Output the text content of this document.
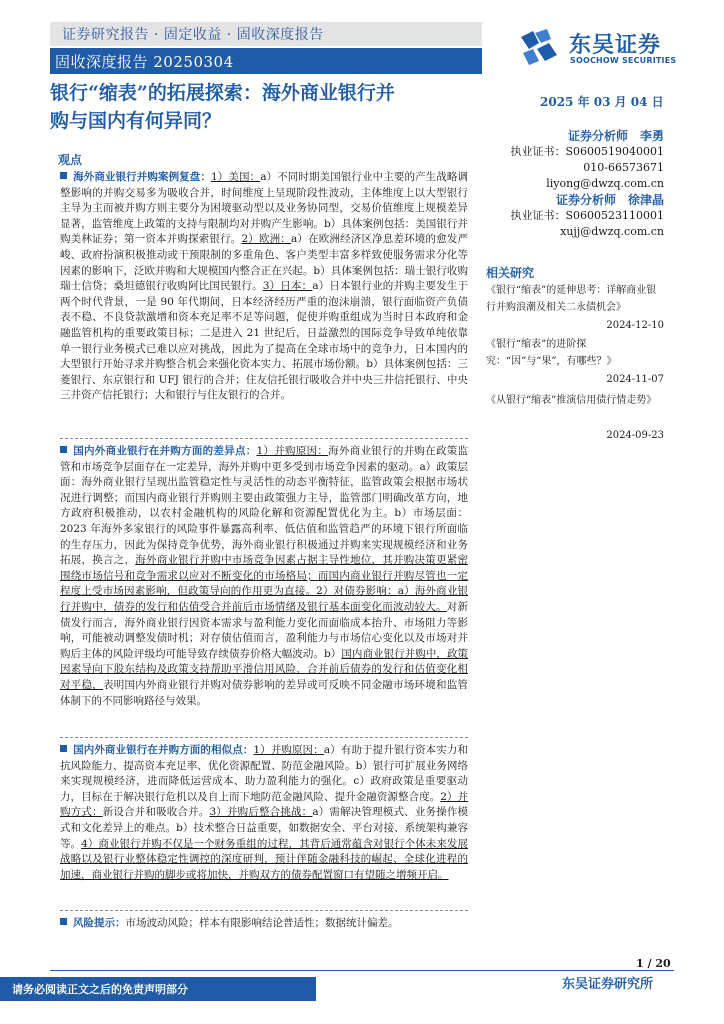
证券研究报告 · 固定收益 · 固收深度报告
固收深度报告 20250304
东吴证券
SOOCHOW SECURITIES
银行“缩表”的拓展探索：海外商业银行并
购与国内有何异同？
2025 年 03 月 04 日
证券分析师　李勇
执业证书：S0600519040001
010-66573671
liyong@dwzq.com.cn
证券分析师　徐津晶
执业证书：S0600523110001
xujj@dwzq.com.cn
相关研究
《银行“缩表”的延伸思考：详解商业银行并购浪潮及相关二永债机会》
2024-12-10
《银行“缩表”的进阶探究：“因”与“果”，有哪些？》
2024-11-07
《从银行“缩表”推演信用债行情走势》
2024-09-23
观点
海外商业银行并购案例复盘：1）美国：a）不同时期美国银行业中主要的产生战略调整影响的并购交易多为吸收合并，时间维度上呈现阶段性波动，主体维度上以大型银行主导为主而被并购方则主要分为困境驱动型以及业务协同型，交易价值维度上规模差异显著，监管维度上政策的支持与限制均对并购产生影响。b）具体案例包括：美国银行并购美林证券；第一资本并购探索银行。2）欧洲：a）在欧洲经济区净息差环境的愈发严峻、政府扮演积极推动或干预限制的多重角色、客户类型丰富多样致使服务需求分化等因素的影响下，泛欧并购和大规模国内整合正在兴起。b）具体案例包括：瑞士银行收购瑞士信贷；桑坦德银行收购阿比国民银行。3）日本：a）日本银行业的并购主要发生于两个时代背景，一是 90 年代期间，日本经济经历严重的泡沫崩溃，银行面临资产负债表不稳、不良贷款激增和资本充足率不足等问题，促使并购重组成为当时日本政府和金融监管机构的重要政策目标；二是进入 21 世纪后，日益激烈的国际竞争导致单纯依靠单一银行业务模式已难以应对挑战，因此为了提高在全球市场中的竞争力，日本国内的大型银行开始寻求并购整合机会来强化资本实力、拓展市场份额。b）具体案例包括：三菱银行、东京银行和 UFJ 银行的合并；住友信托银行吸收合并中央三井信托银行、中央三井资产信托银行；大和银行与住友银行的合并。
国内外商业银行在并购方面的差异点：1）并购原因：海外商业银行的并购在政策监管和市场竞争层面存在一定差异，海外并购中更多受到市场竞争因素的驱动。a）政策层面：海外商业银行呈现出监管稳定性与灵活性的动态平衡特征，监管政策会根据市场状况进行调整；而国内商业银行并购则主要由政策强力主导，监管部门明确改革方向，地方政府积极推动，以农村金融机构的风险化解和资源配置优化为主。b）市场层面：2023 年海外多家银行的风险事件暴露高利率、低估值和监管趋严的环境下银行所面临的生存压力，因此为保持竞争优势，海外商业银行积极通过并购来实现规模经济和业务拓展，换言之，海外商业银行并购中市场竞争因素占据主导性地位，其并购决策更紧密围绕市场信号和竞争需求以应对不断变化的市场格局；而国内商业银行并购尽管也一定程度上受市场因素影响，但政策导向的作用更为直接。2）对债券影响：a）海外商业银行并购中，债券的发行和估值受合并前后市场情绪及银行基本面变化而波动较大。对新债发行而言，海外商业银行因资本需求与盈利能力变化而面临成本抬升、市场阻力等影响，可能被动调整发债时机；对存债估值而言，盈利能力与市场信心变化以及市场对并购后主体的风险评级均可能导致存续债券价格大幅波动。b）国内商业银行并购中，政策因素导向下股东结构及政策支持帮助平滑信用风险，合并前后债券的发行和估值变化相对平稳，表明国内外商业银行并购对债券影响的差异或可反映不同金融市场环境和监管体制下的不同影响路径与效果。
国内外商业银行在并购方面的相似点：1）并购原因：a）有助于提升银行资本实力和抗风险能力、提高资本充足率、优化资源配置、防范金融风险。b）银行可扩展业务网络来实现规模经济，进而降低运营成本、助力盈利能力的强化。c）政府政策是重要驱动力，目标在于解决银行危机以及自上而下地防范金融风险、提升金融资源整合度。2）并购方式：新设合并和吸收合并。3）并购后整合挑战：a）需解决管理模式、业务操作模式和文化差异上的难点。b）技术整合日益重要，如数据安全、平台对接、系统架构兼容等。4）商业银行并购不仅是一个财务重组的过程，其背后通常蕴含对银行个体未来发展战略以及银行业整体稳定性调控的深度研判，预计伴随金融科技的崛起、全球化进程的加速，商业银行并购的脚步或将加快，并购双方的债券配置窗口有望随之增频开启。
风险提示：市场波动风险；样本有限影响结论普适性；数据统计偏差。
1 / 20
请务必阅读正文之后的免责声明部分	东吴证券研究所
